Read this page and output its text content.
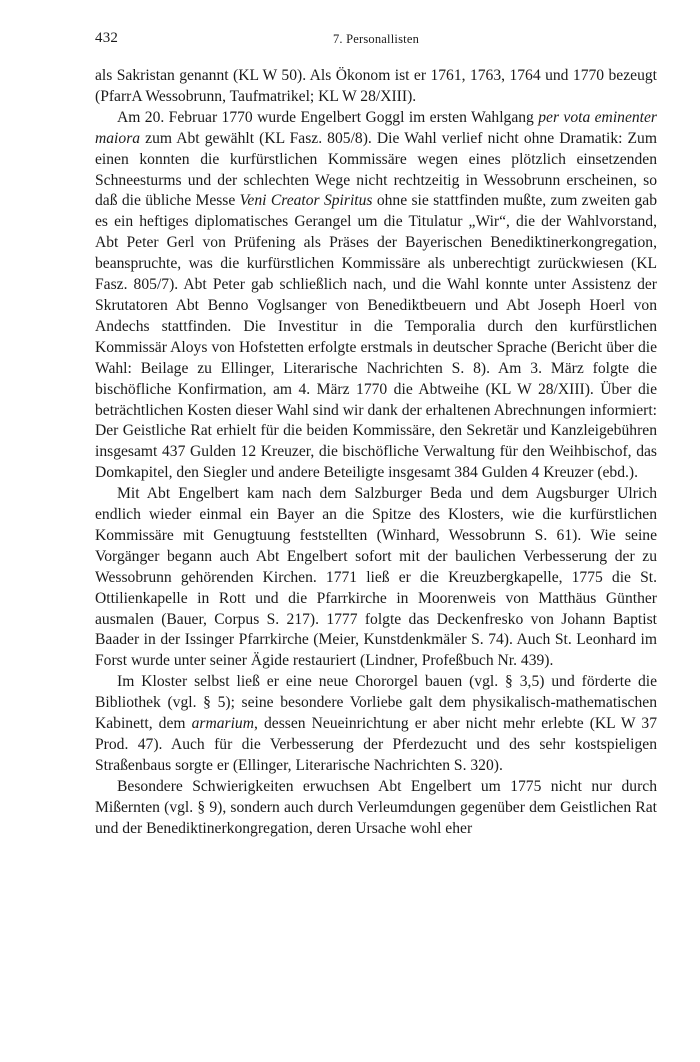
432	7. Personallisten

als Sakristan genannt (KL W 50). Als Ökonom ist er 1761, 1763, 1764 und 1770 bezeugt (PfarrA Wessobrunn, Taufmatrikel; KL W 28/XIII).

Am 20. Februar 1770 wurde Engelbert Goggl im ersten Wahlgang per vota eminenter maiora zum Abt gewählt (KL Fasz. 805/8). Die Wahl verlief nicht ohne Dramatik: Zum einen konnten die kurfürstlichen Kommissäre wegen eines plötzlich einsetzenden Schneesturms und der schlechten Wege nicht rechtzeitig in Wessobrunn erscheinen, so daß die übliche Messe Veni Creator Spiritus ohne sie stattfinden mußte, zum zweiten gab es ein heftiges diplomatisches Gerangel um die Titulatur „Wir“, die der Wahlvorstand, Abt Peter Gerl von Prüfening als Präses der Bayerischen Benediktinerkongregation, beanspruchte, was die kurfürstlichen Kommissäre als unberechtigt zurückwiesen (KL Fasz. 805/7). Abt Peter gab schließlich nach, und die Wahl konnte unter Assistenz der Skrutatoren Abt Benno Voglsanger von Benediktbeuern und Abt Joseph Hoerl von Andechs stattfinden. Die Investitur in die Temporalia durch den kurfürstlichen Kommissär Aloys von Hofstetten erfolgte erstmals in deutscher Sprache (Bericht über die Wahl: Beilage zu Ellinger, Literarische Nachrichten S. 8). Am 3. März folgte die bischöfliche Konfirmation, am 4. März 1770 die Abtweihe (KL W 28/XIII). Über die beträchtlichen Kosten dieser Wahl sind wir dank der erhaltenen Abrechnungen informiert: Der Geistliche Rat erhielt für die beiden Kommissäre, den Sekretär und Kanzleigebühren insgesamt 437 Gulden 12 Kreuzer, die bischöfliche Verwaltung für den Weihbischof, das Domkapitel, den Siegler und andere Beteiligte insgesamt 384 Gulden 4 Kreuzer (ebd.).

Mit Abt Engelbert kam nach dem Salzburger Beda und dem Augsburger Ulrich endlich wieder einmal ein Bayer an die Spitze des Klosters, wie die kurfürstlichen Kommissäre mit Genugtuung feststellten (Winhard, Wessobrunn S. 61). Wie seine Vorgänger begann auch Abt Engelbert sofort mit der baulichen Verbesserung der zu Wessobrunn gehörenden Kirchen. 1771 ließ er die Kreuzbergkapelle, 1775 die St. Ottilienkapelle in Rott und die Pfarrkirche in Moorenweis von Matthäus Günther ausmalen (Bauer, Corpus S. 217). 1777 folgte das Deckenfresko von Johann Baptist Baader in der Issinger Pfarrkirche (Meier, Kunstdenkmäler S. 74). Auch St. Leonhard im Forst wurde unter seiner Ägide restauriert (Lindner, Profeßbuch Nr. 439).

Im Kloster selbst ließ er eine neue Chororgel bauen (vgl. § 3,5) und förderte die Bibliothek (vgl. § 5); seine besondere Vorliebe galt dem physikalisch-mathematischen Kabinett, dem armarium, dessen Neueinrichtung er aber nicht mehr erlebte (KL W 37 Prod. 47). Auch für die Verbesserung der Pferdezucht und des sehr kostspieligen Straßenbaus sorgte er (Ellinger, Literarische Nachrichten S. 320).

Besondere Schwierigkeiten erwuchsen Abt Engelbert um 1775 nicht nur durch Mißernten (vgl. § 9), sondern auch durch Verleumdungen gegenüber dem Geistlichen Rat und der Benediktinerkongregation, deren Ursache wohl eher
